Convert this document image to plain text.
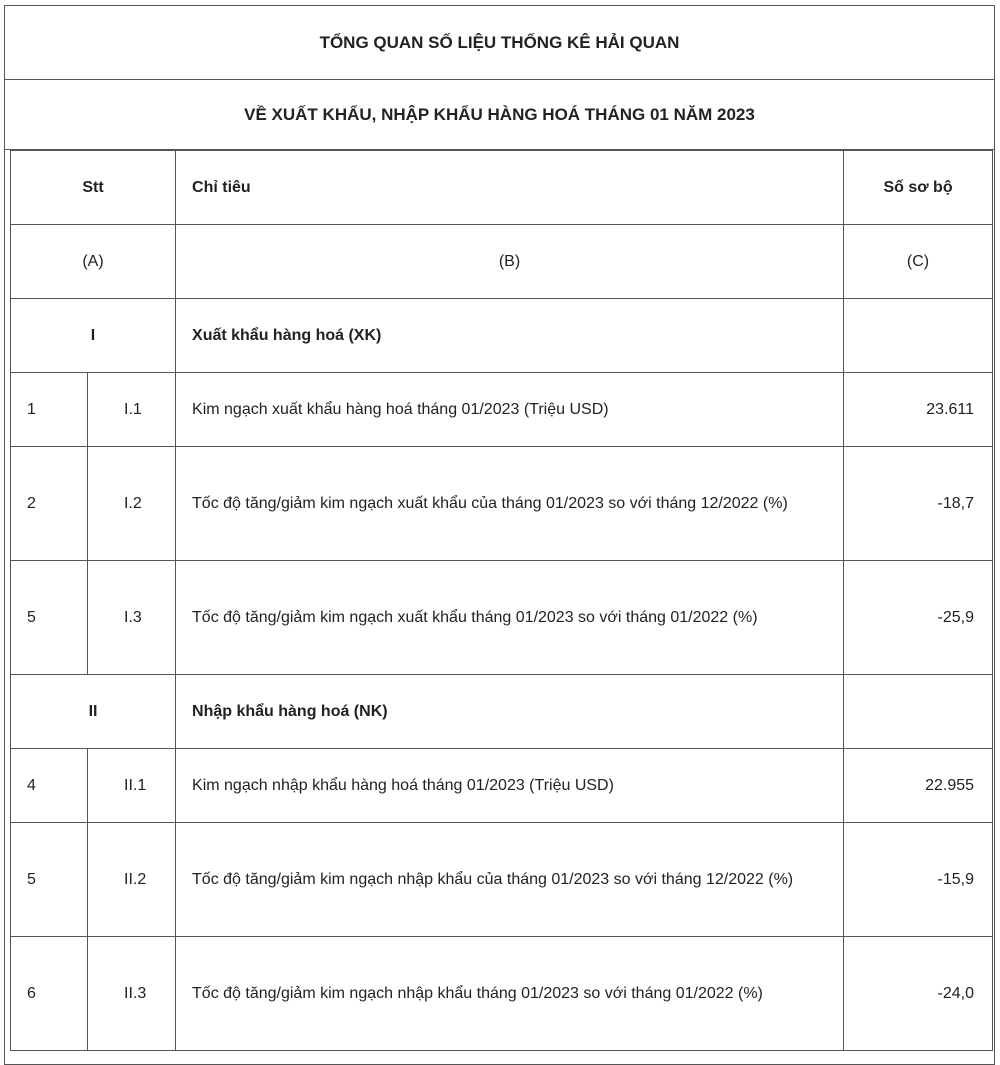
TỔNG QUAN SỐ LIỆU THỐNG KÊ HẢI QUAN
VỀ XUẤT KHẨU, NHẬP KHẨU HÀNG HOÁ THÁNG 01 NĂM 2023
Stt		Chỉ tiêu	Số sơ bộ
(A)		(B)	(C)
I		Xuất khẩu hàng hoá (XK)	
1	I.1	Kim ngạch xuất khẩu hàng hoá tháng 01/2023 (Triệu USD)	23.611
2	I.2	Tốc độ tăng/giảm kim ngạch xuất khẩu của tháng 01/2023 so với tháng 12/2022 (%)	-18,7
5	I.3	Tốc độ tăng/giảm kim ngạch xuất khẩu tháng 01/2023 so với tháng 01/2022 (%)	-25,9
II		Nhập khẩu hàng hoá (NK)	
4	II.1	Kim ngạch nhập khẩu hàng hoá tháng 01/2023 (Triệu USD)	22.955
5	II.2	Tốc độ tăng/giảm kim ngạch nhập khẩu của tháng 01/2023 so với tháng 12/2022 (%)	-15,9
6	II.3	Tốc độ tăng/giảm kim ngạch nhập khẩu tháng 01/2023 so với tháng 01/2022 (%)	-24,0
